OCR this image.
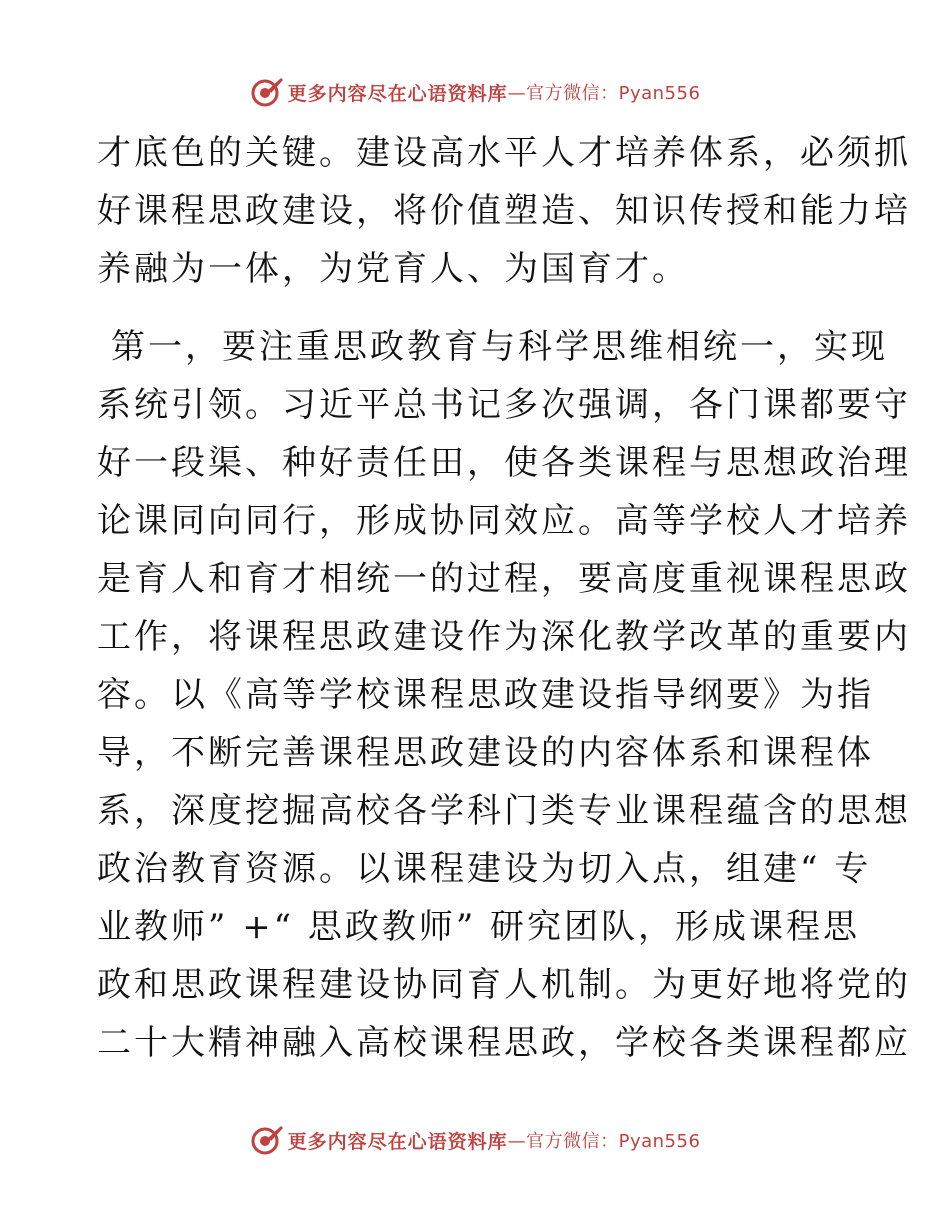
更多内容尽在心语资料库 —官方微信：Pyan556

才底色的关键。建设高水平人才培养体系，必须抓
好课程思政建设，将价值塑造、知识传授和能力培
养融为一体，为党育人、为国育才。

第一，要注重思政教育与科学思维相统一，实现
系统引领。习近平总书记多次强调，各门课都要守
好一段渠、种好责任田，使各类课程与思想政治理
论课同向同行，形成协同效应。高等学校人才培养
是育人和育才相统一的过程，要高度重视课程思政
工作，将课程思政建设作为深化教学改革的重要内
容。以《高等学校课程思政建设指导纲要》为指
导，不断完善课程思政建设的内容体系和课程体
系，深度挖掘高校各学科门类专业课程蕴含的思想
政治教育资源。以课程建设为切入点，组建“ 专
业教师” +“ 思政教师” 研究团队，形成课程思
政和思政课程建设协同育人机制。为更好地将党的
二十大精神融入高校课程思政，学校各类课程都应

更多内容尽在心语资料库 —官方微信：Pyan556
